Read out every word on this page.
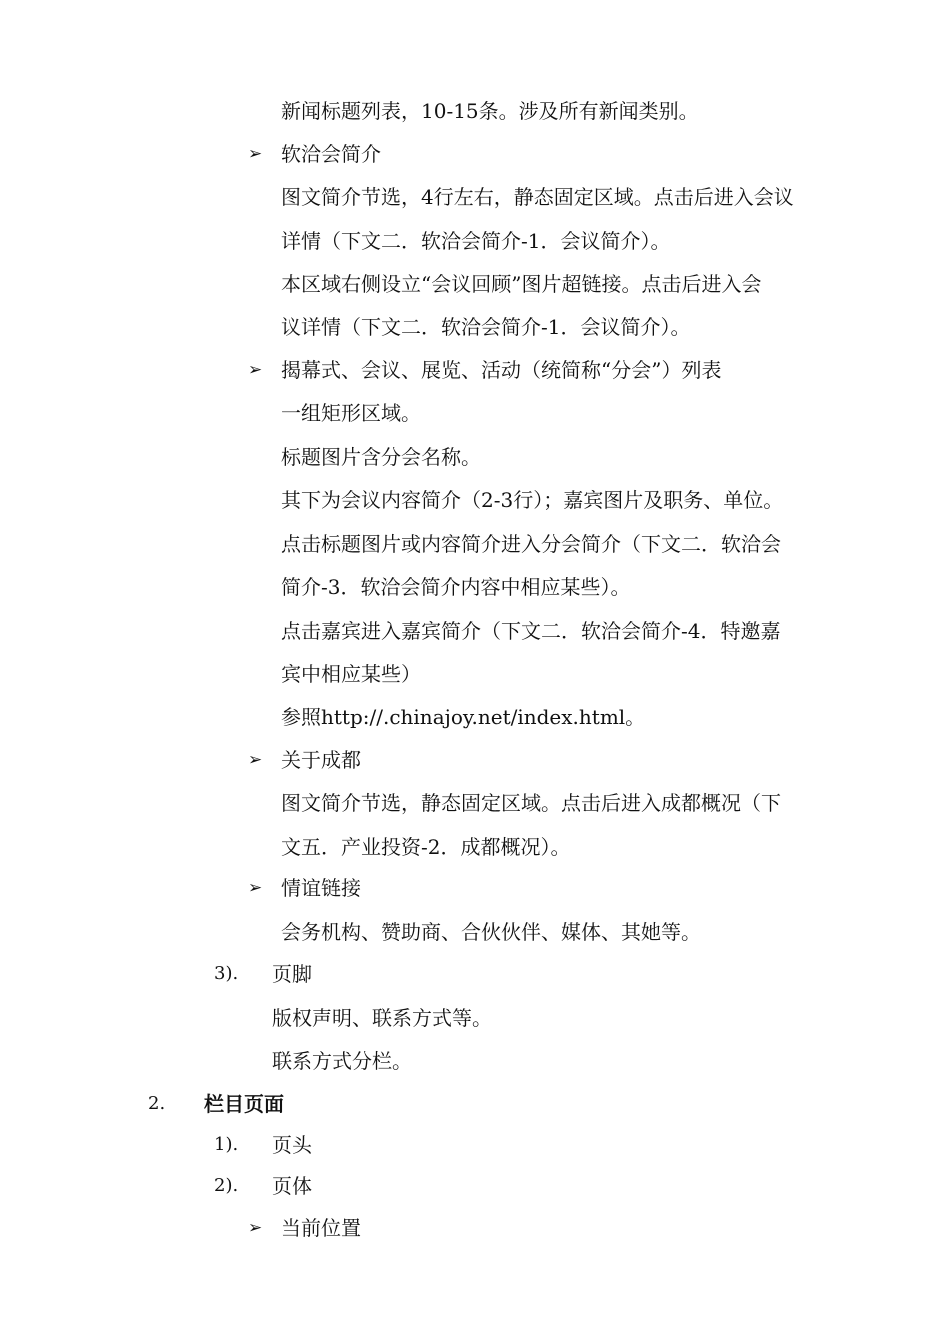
新闻标题列表，10-15条。涉及所有新闻类别。
➢ 软洽会简介
图文简介节选，4行左右，静态固定区域。点击后进入会议
详情（下文二．软洽会简介-1．会议简介）。
本区域右侧设立“会议回顾”图片超链接。点击后进入会
议详情（下文二．软洽会简介-1．会议简介）。
➢ 揭幕式、会议、展览、活动（统简称“分会”）列表
一组矩形区域。
标题图片含分会名称。
其下为会议内容简介（2-3行）；嘉宾图片及职务、单位。
点击标题图片或内容简介进入分会简介（下文二．软洽会
简介-3．软洽会简介内容中相应某些）。
点击嘉宾进入嘉宾简介（下文二．软洽会简介-4．特邀嘉
宾中相应某些）
参照http://.chinajoy.net/index.html。
➢ 关于成都
图文简介节选，静态固定区域。点击后进入成都概况（下
文五．产业投资-2．成都概况）。
➢ 情谊链接
会务机构、赞助商、合伙伙伴、媒体、其她等。
3). 页脚
版权声明、联系方式等。
联系方式分栏。
2. 栏目页面
1). 页头
2). 页体
➢ 当前位置
